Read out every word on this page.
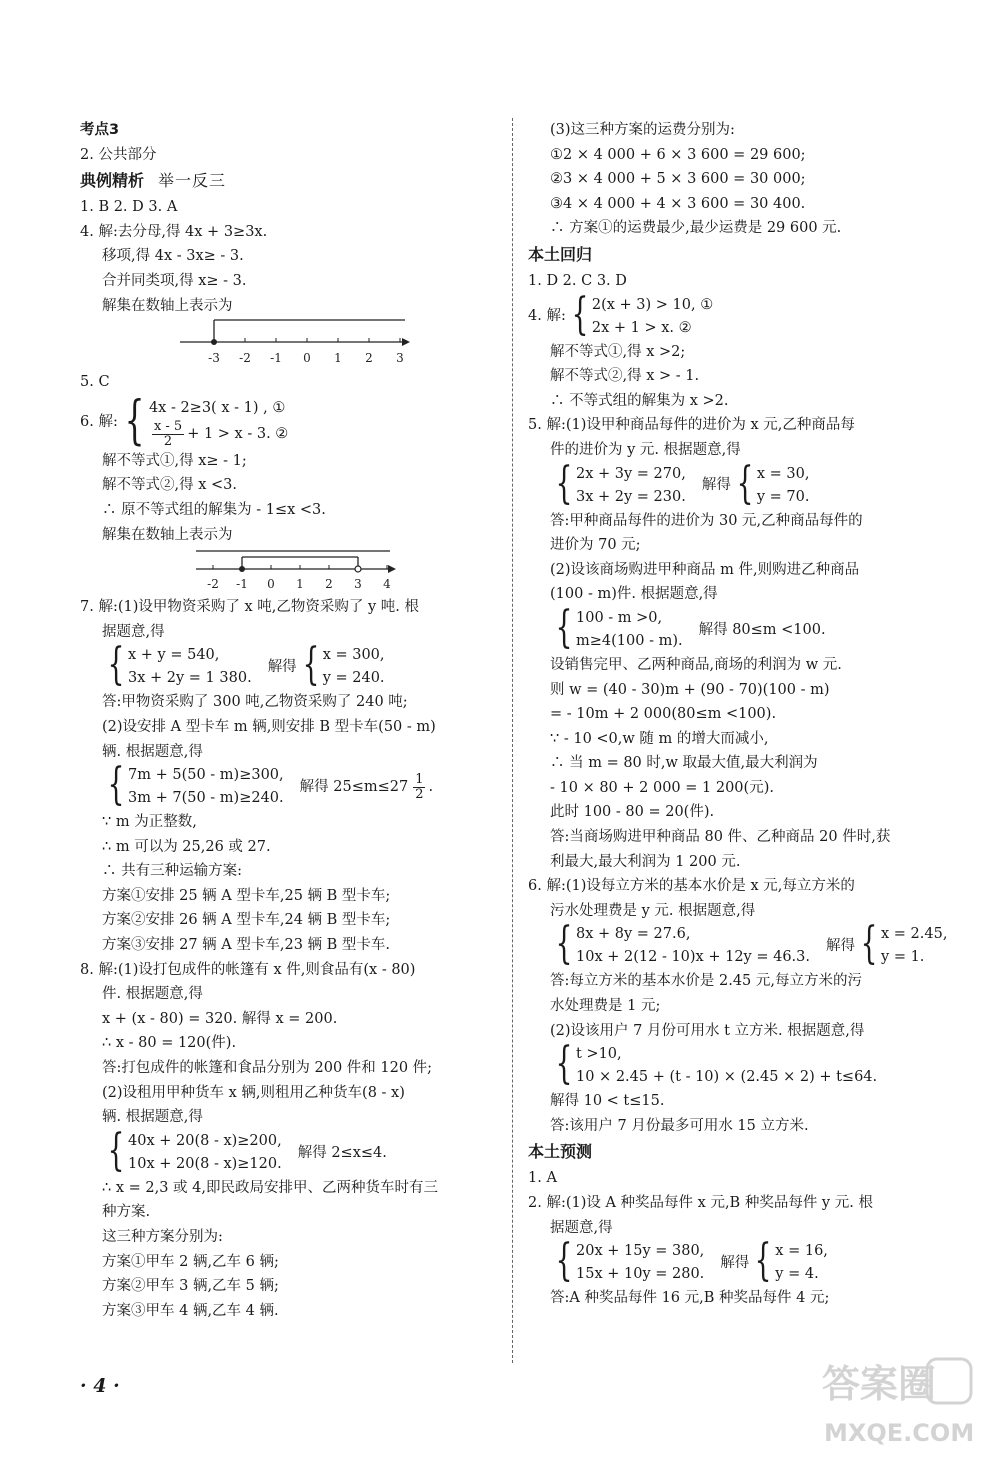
考点3
2. 公共部分
典例精析 举一反三
1. B 2. D 3. A
4. 解:去分母,得 4x + 3≥3x.
移项,得 4x - 3x≥ - 3.
合并同类项,得 x≥ - 3.
解集在数轴上表示为
-3 -2 -1 0 1 2 3
5. C
6. 解: { 4x - 2≥3( x - 1) , ①
$\frac{x - 5}{2} + 1 > x - 3$. ②
解不等式①,得 x≥ - 1;
解不等式②,得 x <3.
∴ 原不等式组的解集为 - 1≤x <3.
解集在数轴上表示为
-2 -1 0 1 2 3 4
7. 解:(1)设甲物资采购了 x 吨,乙物资采购了 y 吨. 根
据题意,得
{ x + y = 540,
3x + 2y = 1 380.
解得 { x = 300,
y = 240.
答:甲物资采购了 300 吨,乙物资采购了 240 吨;
(2)设安排 A 型卡车 m 辆,则安排 B 型卡车(50 - m)
辆. 根据题意,得
{ 7m + 5(50 - m)≥300,
3m + 7(50 - m)≥240.
解得 $25\le m\le 27 \frac{1}{2}$ .
∵ m 为正整数,
∴ m 可以为 25,26 或 27.
∴ 共有三种运输方案:
方案①安排 25 辆 A 型卡车,25 辆 B 型卡车;
方案②安排 26 辆 A 型卡车,24 辆 B 型卡车;
方案③安排 27 辆 A 型卡车,23 辆 B 型卡车.
8. 解:(1)设打包成件的帐篷有 x 件,则食品有(x - 80)
件. 根据题意,得
x + (x - 80) = 320. 解得 x = 200.
∴ x - 80 = 120(件).
答:打包成件的帐篷和食品分别为 200 件和 120 件;
(2)设租用甲种货车 x 辆,则租用乙种货车(8 - x)
辆. 根据题意,得
{ 40x + 20(8 - x)≥200,
10x + 20(8 - x)≥120.
解得 2≤x≤4.
∴ x = 2,3 或 4,即民政局安排甲、乙两种货车时有三
种方案.
这三种方案分别为:
方案①甲车 2 辆,乙车 6 辆;
方案②甲车 3 辆,乙车 5 辆;
方案③甲车 4 辆,乙车 4 辆.
(3)这三种方案的运费分别为:
①2 × 4 000 + 6 × 3 600 = 29 600;
②3 × 4 000 + 5 × 3 600 = 30 000;
③4 × 4 000 + 4 × 3 600 = 30 400.
∴ 方案①的运费最少,最少运费是 29 600 元.
本土回归
1. D 2. C 3. D
4. 解: { 2(x + 3) > 10, ①
2x + 1 > x. ②
解不等式①,得 x >2;
解不等式②,得 x > - 1.
∴ 不等式组的解集为 x >2.
5. 解:(1)设甲种商品每件的进价为 x 元,乙种商品每
件的进价为 y 元. 根据题意,得
{ 2x + 3y = 270,
3x + 2y = 230.
解得 { x = 30,
y = 70.
答:甲种商品每件的进价为 30 元,乙种商品每件的
进价为 70 元;
(2)设该商场购进甲种商品 m 件,则购进乙种商品
(100 - m)件. 根据题意,得
{ 100 - m >0,
m≥4(100 - m).
解得 80≤m <100.
设销售完甲、乙两种商品,商场的利润为 w 元.
则 w = (40 - 30)m + (90 - 70)(100 - m)
= - 10m + 2 000(80≤m <100).
∵ - 10 <0,w 随 m 的增大而减小,
∴ 当 m = 80 时,w 取最大值,最大利润为
- 10 × 80 + 2 000 = 1 200(元).
此时 100 - 80 = 20(件).
答:当商场购进甲种商品 80 件、乙种商品 20 件时,获
利最大,最大利润为 1 200 元.
6. 解:(1)设每立方米的基本水价是 x 元,每立方米的
污水处理费是 y 元. 根据题意,得
{ 8x + 8y = 27.6,
10x + 2(12 - 10)x + 12y = 46.3.
解得 { x = 2.45,
y = 1.
答:每立方米的基本水价是 2.45 元,每立方米的污
水处理费是 1 元;
(2)设该用户 7 月份可用水 t 立方米. 根据题意,得
{ t >10,
10 × 2.45 + (t - 10) × (2.45 × 2) + t≤64.
解得 10 < t≤15.
答:该用户 7 月份最多可用水 15 立方米.
本土预测
1. A
2. 解:(1)设 A 种奖品每件 x 元,B 种奖品每件 y 元. 根
据题意,得
{ 20x + 15y = 380,
15x + 10y = 280.
解得 { x = 16,
y = 4.
答:A 种奖品每件 16 元,B 种奖品每件 4 元;
· 4 ·	答案圈
MXQE.COM
